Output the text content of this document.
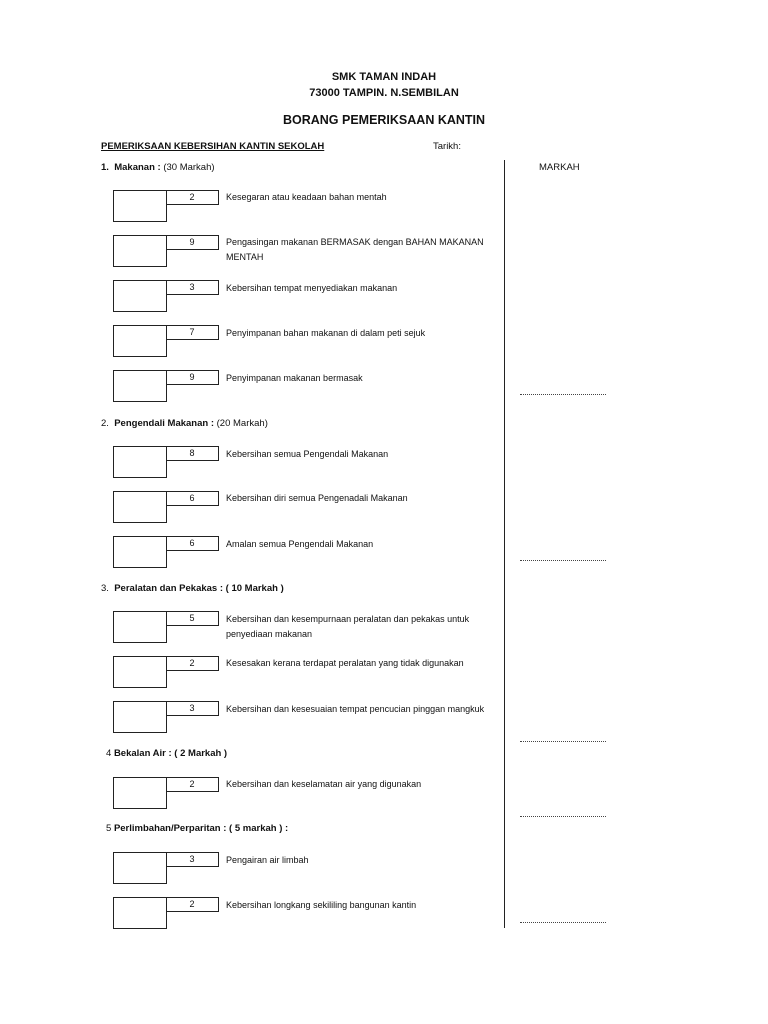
SMK TAMAN INDAH
73000 TAMPIN. N.SEMBILAN
BORANG PEMERIKSAAN KANTIN
PEMERIKSAAN KEBERSIHAN KANTIN SEKOLAH	Tarikh:
MARKAH
1. Makanan : (30 Markah)
2	Kesegaran atau keadaan bahan mentah
9	Pengasingan makanan BERMASAK dengan BAHAN MAKANAN MENTAH
3	Kebersihan tempat menyediakan makanan
7	Penyimpanan bahan makanan di dalam peti sejuk
9	Penyimpanan makanan bermasak
2. Pengendali Makanan : (20 Markah)
8	Kebersihan semua Pengendali Makanan
6	Kebersihan diri semua Pengenadali Makanan
6	Amalan semua Pengendali Makanan
3. Peralatan dan Pekakas : ( 10 Markah )
5	Kebersihan dan kesempurnaan peralatan dan pekakas untuk penyediaan makanan
2	Kesesakan kerana terdapat peralatan yang tidak digunakan
3	Kebersihan dan kesesuaian tempat pencucian pinggan mangkuk
4 Bekalan Air : ( 2 Markah )
2	Kebersihan dan keselamatan air yang digunakan
5 Perlimbahan/Perparitan : ( 5 markah ) :
3	Pengairan air limbah
2	Kebersihan longkang sekililing bangunan kantin
